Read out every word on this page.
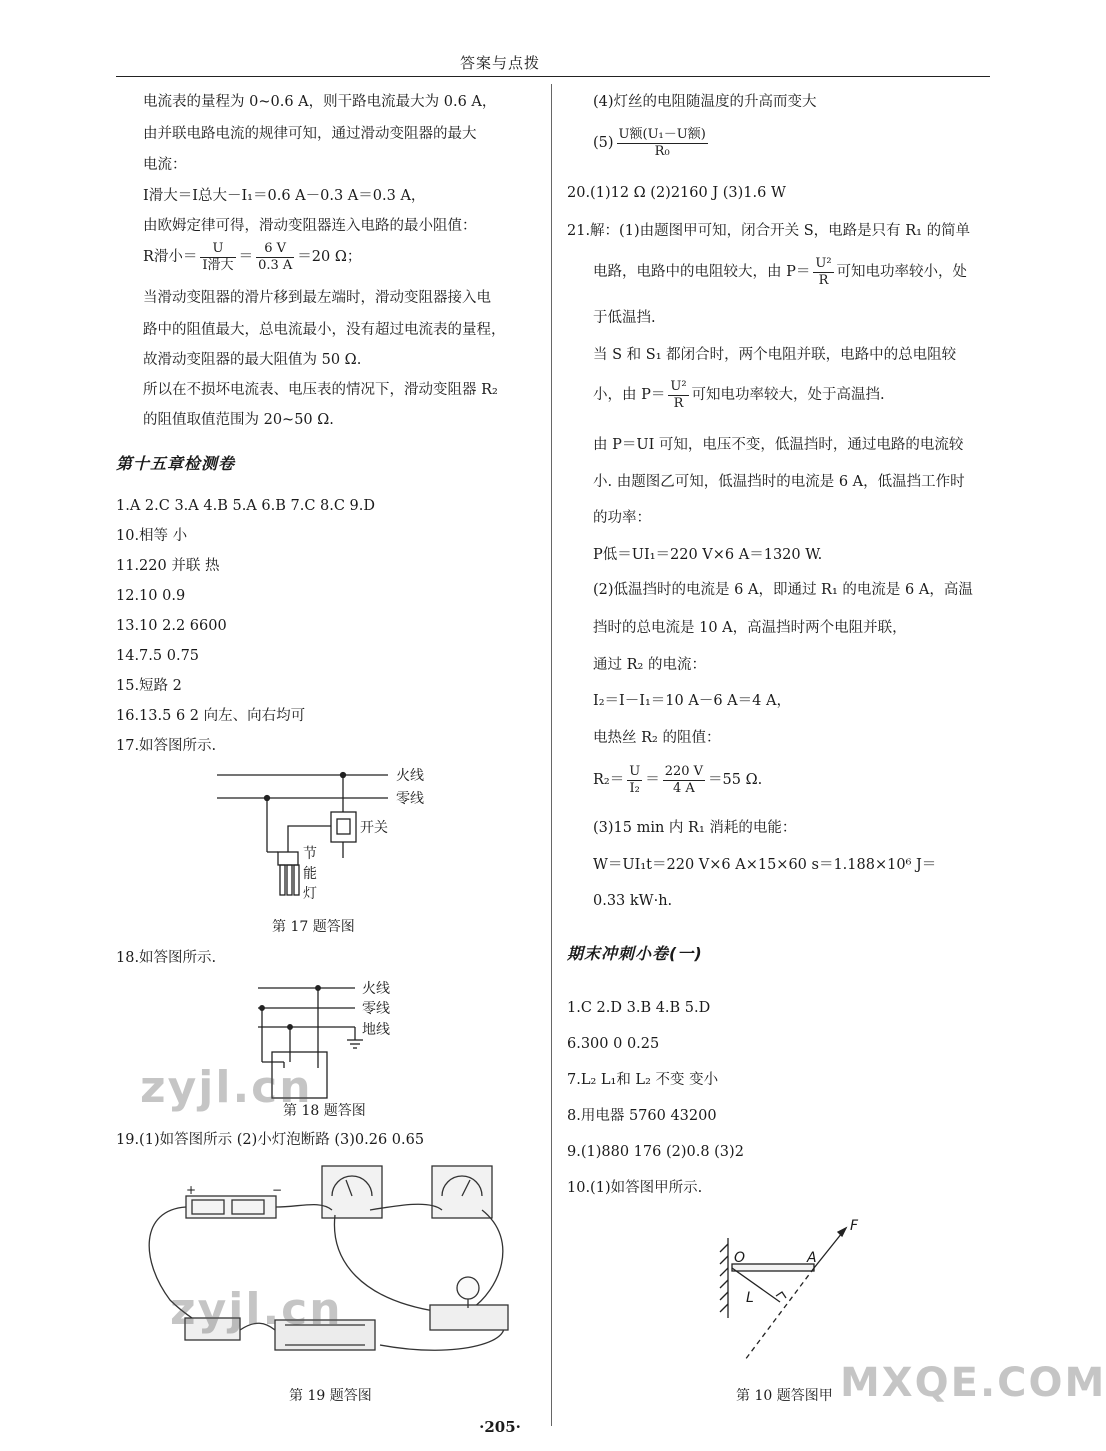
答案与点拨
电流表的量程为 0~0.6 A，则干路电流最大为 0.6 A，
由并联电路电流的规律可知，通过滑动变阻器的最大
电流：
I滑大＝I总大－I₁＝0.6 A－0.3 A＝0.3 A，
由欧姆定律可得，滑动变阻器连入电路的最小阻值：
R滑小＝ $\frac{U}{\text{I滑大}} = \frac{6 V}{0.3 A} =20$ Ω；
当滑动变阻器的滑片移到最左端时，滑动变阻器接入电
路中的阻值最大，总电流最小，没有超过电流表的量程，
故滑动变阻器的最大阻值为 50 Ω.
所以在不损坏电流表、电压表的情况下，滑动变阻器 R₂
的阻值取值范围为 20~50 Ω.
第十五章检测卷
1.A 2.C 3.A 4.B 5.A 6.B 7.C 8.C 9.D
10.相等 小
11.220 并联 热
12.10 0.9
13.10 2.2 6600
14.7.5 0.75
15.短路 2
16.13.5 6 2 向左、向右均可
17.如答图所示.
火线
零线
节
能
灯
开关
火线
零线
地线
+	−
O	A
F
L
第 17 题答图
18.如答图所示.
第 18 题答图
19.(1)如答图所示 (2)小灯泡断路 (3)0.26 0.65
第 19 题答图
(4)灯丝的电阻随温度的升高而变大
$(5) \frac{\text{U额(U₁－U额)}}{\text{R₀}}$
20.(1)12 Ω (2)2160 J (3)1.6 W
21.解：(1)由题图甲可知，闭合开关 S，电路是只有 R₁ 的简单
电路，电路中的电阻较大，由 $P= \frac{\text{U²}}{R}$ 可知电功率较小，处
于低温挡.
当 S 和 S₁ 都闭合时，两个电阻并联，电路中的总电阻较
小，由 $P= \frac{\text{U²}}{R}$ 可知电功率较大，处于高温挡.
由 P＝UI 可知，电压不变，低温挡时，通过电路的电流较
小. 由题图乙可知，低温挡时的电流是 6 A，低温挡工作时
的功率：
P低＝UI₁＝220 V×6 A＝1320 W.
(2)低温挡时的电流是 6 A，即通过 R₁ 的电流是 6 A，高温
挡时的总电流是 10 A，高温挡时两个电阻并联，
通过 R₂ 的电流：
I₂＝I－I₁＝10 A－6 A＝4 A，
电热丝 R₂ 的阻值：
$R_2= \frac{U}{\text{I₂}} = \frac{220 V}{4 A} =55$ Ω.
(3)15 min 内 R₁ 消耗的电能：
W＝UI₁t＝220 V×6 A×15×60 s＝1.188×10⁶ J＝
0.33 kW·h.
期末冲刺小卷(一)
1.C 2.D 3.B 4.B 5.D
6.300 0 0.25
7.L₂ L₁和 L₂ 不变 变小
8.用电器 5760 43200
9.(1)880 176 (2)0.8 (3)2
10.(1)如答图甲所示.
第 10 题答图甲
zyjl.cn
zyjl.cn
MXQE.COM
·205·
